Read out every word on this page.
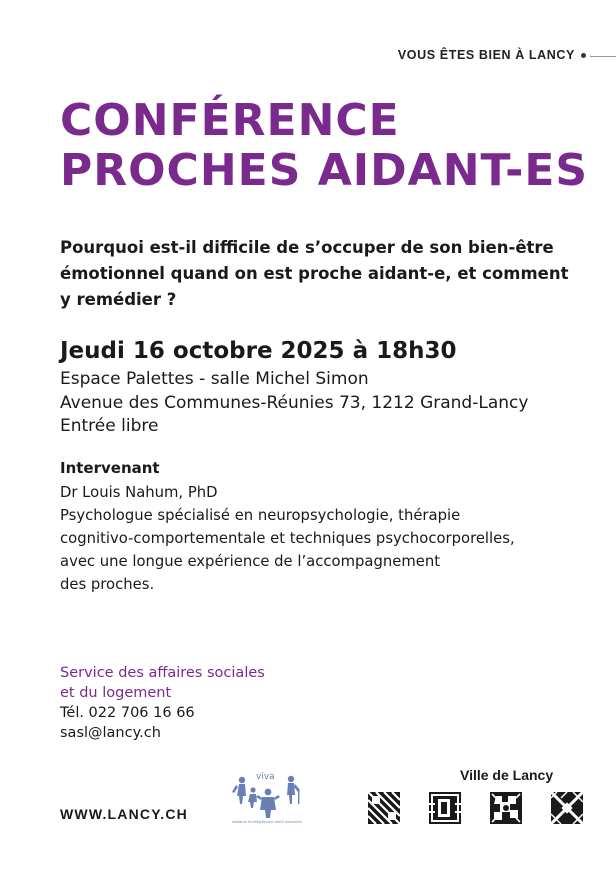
VOUS ÊTES BIEN À LANCY
CONFÉRENCE
PROCHES AIDANT-ES

Pourquoi est-il difficile de s’occuper de son bien-être émotionnel quand on est proche aidant-e, et comment y remédier ?

Jeudi 16 octobre 2025 à 18h30

Espace Palettes - salle Michel Simon
Avenue des Communes-Réunies 73, 1212 Grand-Lancy
Entrée libre
Intervenant
Dr Louis Nahum, PhD
Psychologue spécialisé en neuropsychologie, thérapie
cognitivo-comportementale et techniques psychocorporelles,
avec une longue expérience de l’accompagnement
des proches.
Service des affaires sociales
et du logement
Tél. 022 706 16 66
sasl@lancy.ch
WWW.LANCY.CH
viva
solidaires et intégrés pour vieillir autrement
Ville de Lancy
